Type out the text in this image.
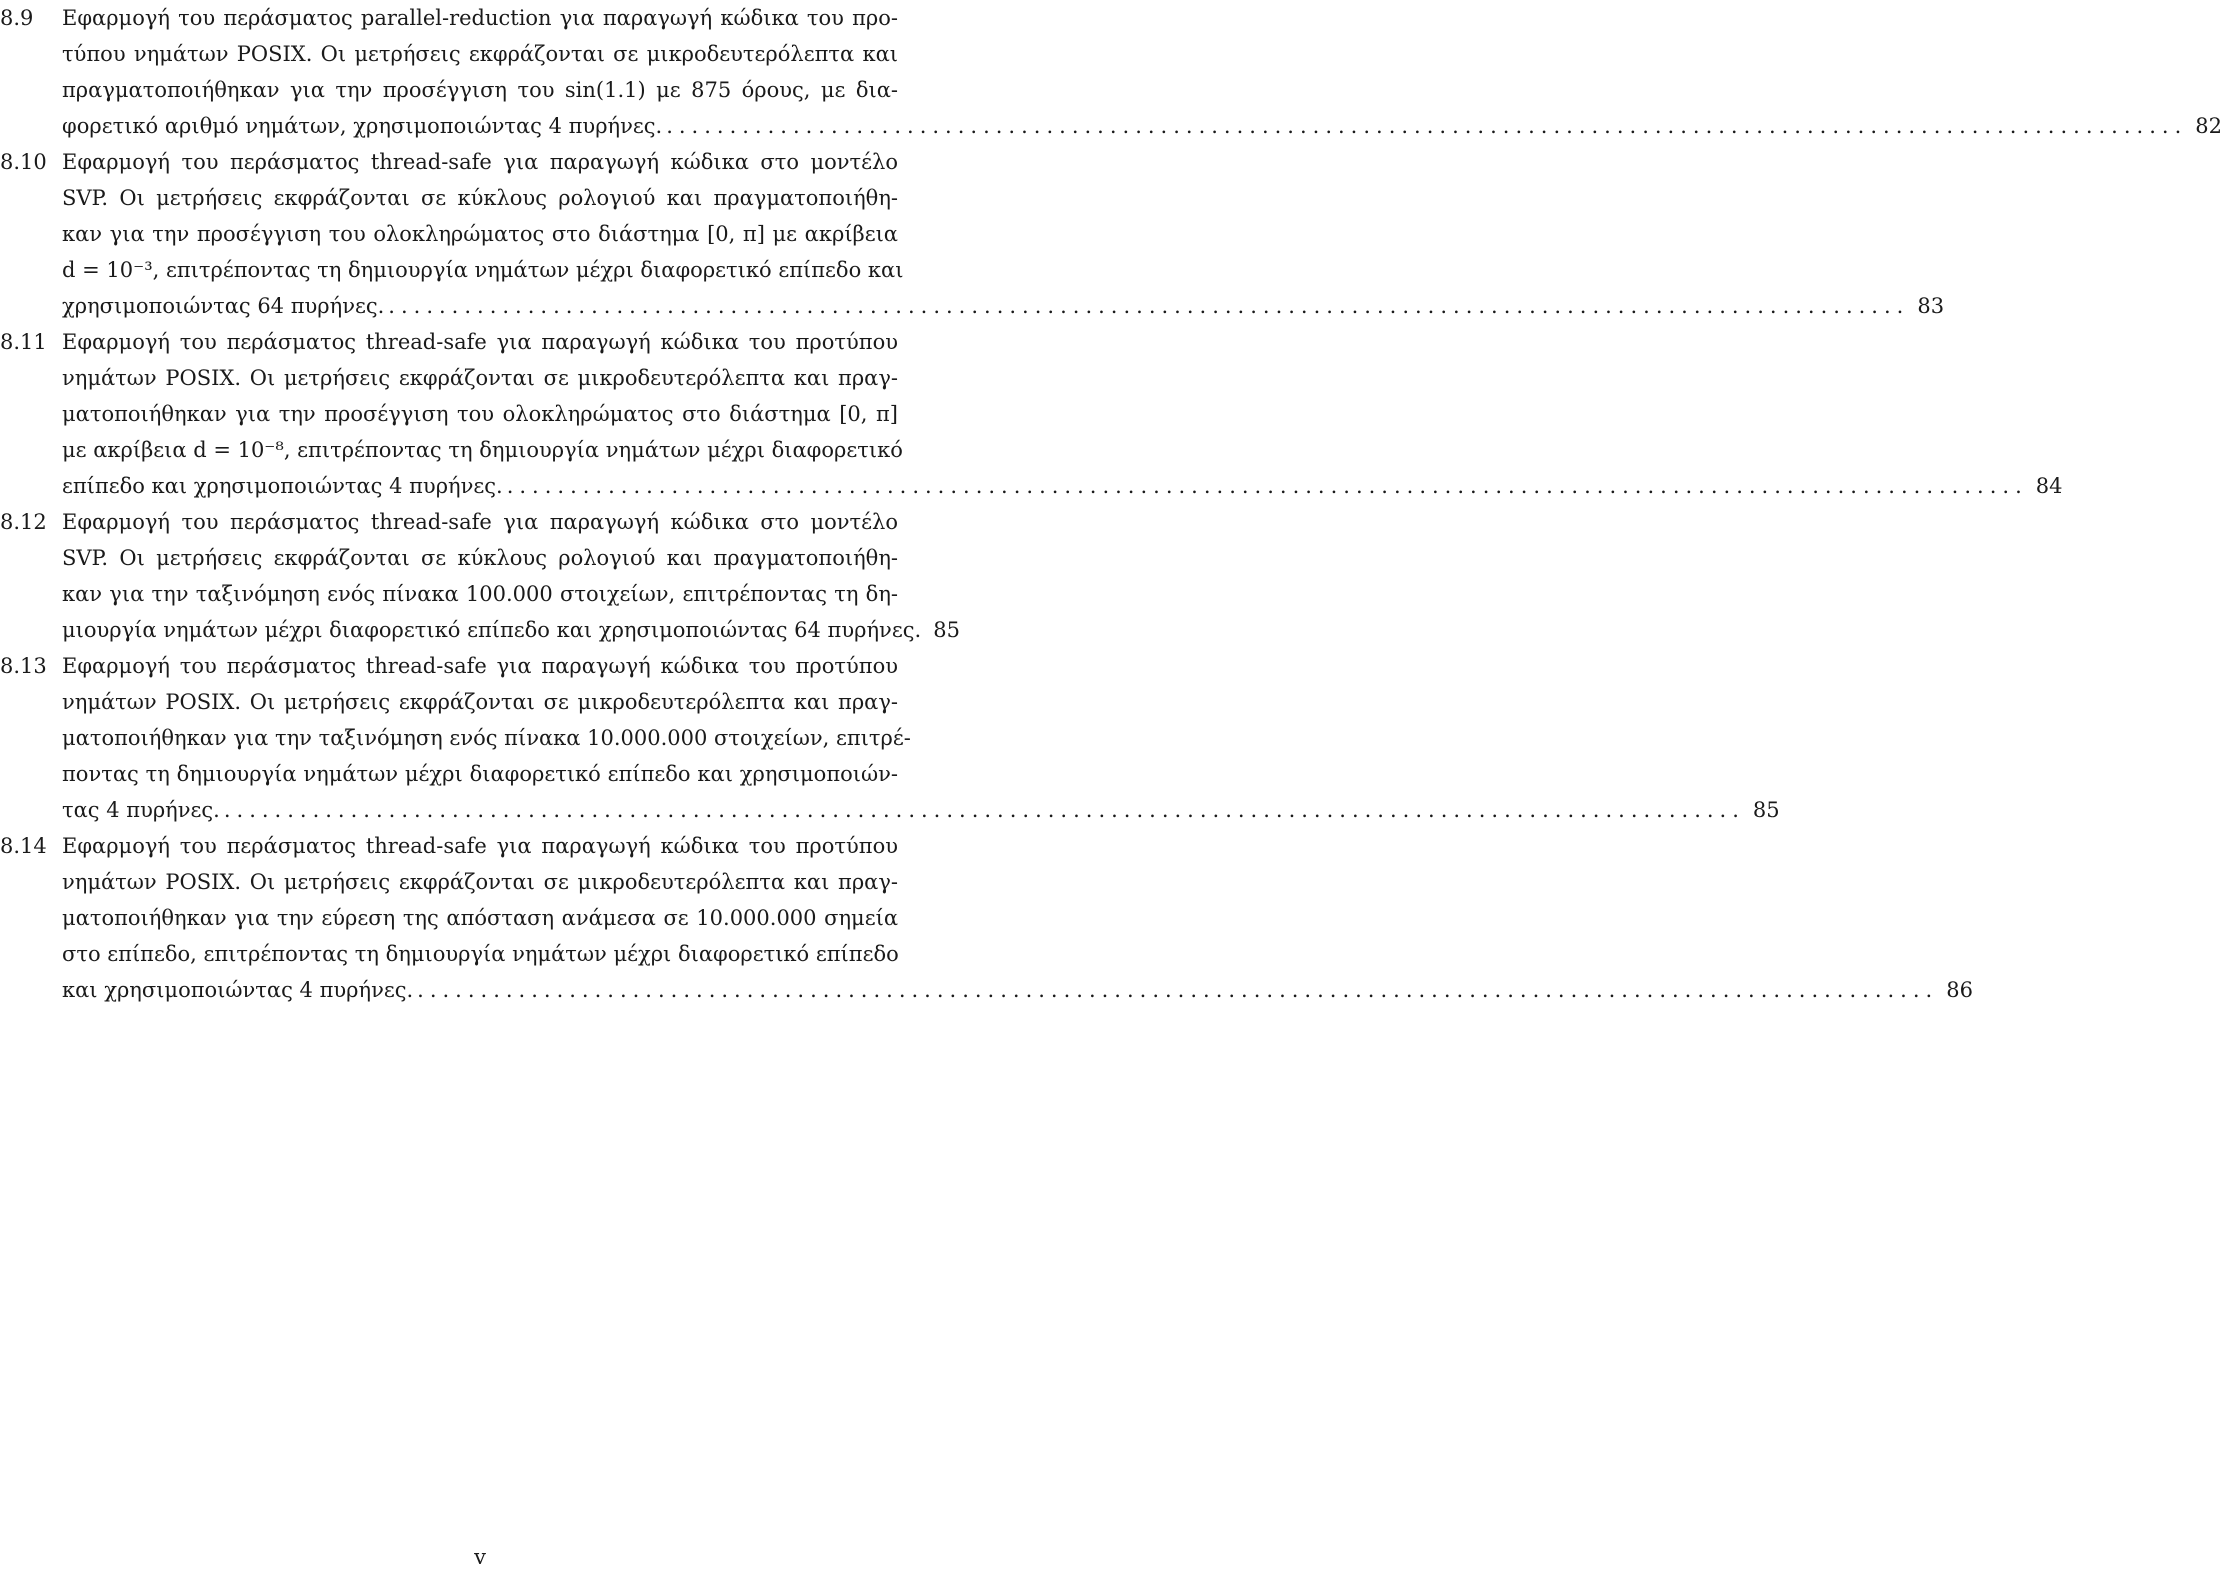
8.9 Εφαρμογή του περάσματος parallel-reduction για παραγωγή κώδικα του προ-
τύπου νημάτων POSIX. Οι μετρήσεις εκφράζονται σε μικροδευτερόλεπτα και
πραγματοποιήθηκαν για την προσέγγιση του sin(1.1) με 875 όρους, με δια-
φορετικό αριθμό νημάτων, χρησιμοποιώντας 4 πυρήνες. ........................................................................................................................ 82
8.10 Εφαρμογή του περάσματος thread-safe για παραγωγή κώδικα στο μοντέλο
SVP. Οι μετρήσεις εκφράζονται σε κύκλους ρολογιού και πραγματοποιήθη-
καν για την προσέγγιση του ολοκληρώματος στο διάστημα [0, π] με ακρίβεια
d = 10⁻³, επιτρέποντας τη δημιουργία νημάτων μέχρι διαφορετικό επίπεδο και
χρησιμοποιώντας 64 πυρήνες. ........................................................................................................................ 83
8.11 Εφαρμογή του περάσματος thread-safe για παραγωγή κώδικα του προτύπου
νημάτων POSIX. Οι μετρήσεις εκφράζονται σε μικροδευτερόλεπτα και πραγ-
ματοποιήθηκαν για την προσέγγιση του ολοκληρώματος στο διάστημα [0, π]
με ακρίβεια d = 10⁻⁸, επιτρέποντας τη δημιουργία νημάτων μέχρι διαφορετικό
επίπεδο και χρησιμοποιώντας 4 πυρήνες. ........................................................................................................................ 84
8.12 Εφαρμογή του περάσματος thread-safe για παραγωγή κώδικα στο μοντέλο
SVP. Οι μετρήσεις εκφράζονται σε κύκλους ρολογιού και πραγματοποιήθη-
καν για την ταξινόμηση ενός πίνακα 100.000 στοιχείων, επιτρέποντας τη δη-
μιουργία νημάτων μέχρι διαφορετικό επίπεδο και χρησιμοποιώντας 64 πυρήνες. 85
8.13 Εφαρμογή του περάσματος thread-safe για παραγωγή κώδικα του προτύπου
νημάτων POSIX. Οι μετρήσεις εκφράζονται σε μικροδευτερόλεπτα και πραγ-
ματοποιήθηκαν για την ταξινόμηση ενός πίνακα 10.000.000 στοιχείων, επιτρέ-
ποντας τη δημιουργία νημάτων μέχρι διαφορετικό επίπεδο και χρησιμοποιών-
τας 4 πυρήνες. ........................................................................................................................ 85
8.14 Εφαρμογή του περάσματος thread-safe για παραγωγή κώδικα του προτύπου
νημάτων POSIX. Οι μετρήσεις εκφράζονται σε μικροδευτερόλεπτα και πραγ-
ματοποιήθηκαν για την εύρεση της απόσταση ανάμεσα σε 10.000.000 σημεία
στο επίπεδο, επιτρέποντας τη δημιουργία νημάτων μέχρι διαφορετικό επίπεδο
και χρησιμοποιώντας 4 πυρήνες. ........................................................................................................................ 86
v
